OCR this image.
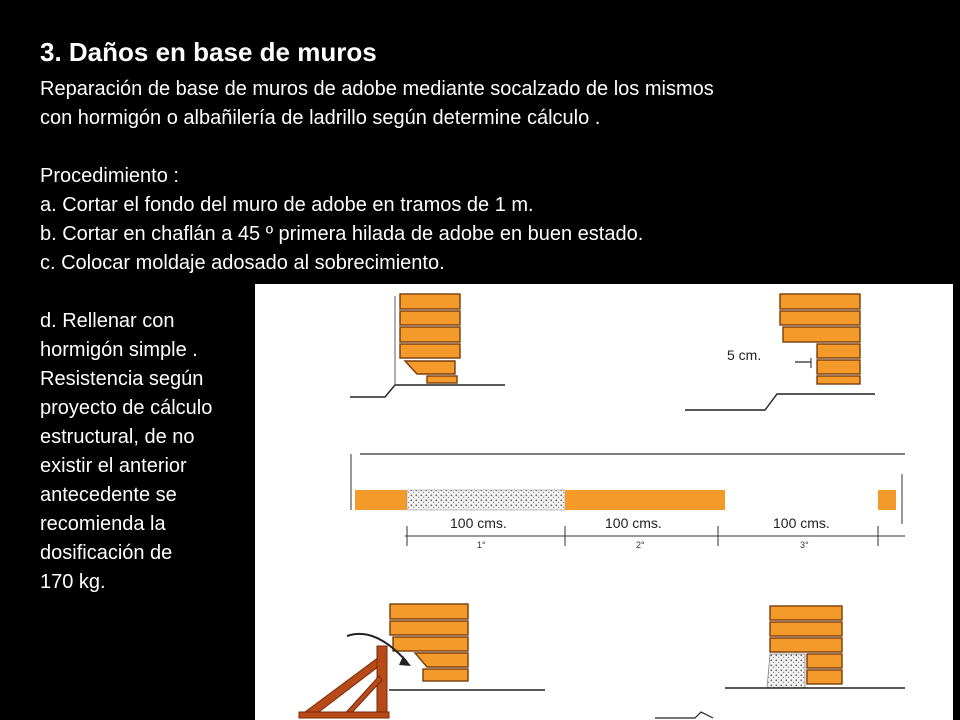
3. Daños en base de muros

Reparación de base de muros de adobe mediante socalzado de los mismos

con hormigón o albañilería de ladrillo según determine cálculo .

Procedimiento :

a. Cortar el fondo del muro de adobe en tramos de 1 m.

b. Cortar en chaflán a 45 º primera hilada de adobe en buen estado.

c. Colocar moldaje adosado al sobrecimiento.

d. Rellenar con
hormigón simple .
Resistencia según
proyecto de cálculo
estructural, de no
existir el anterior
antecedente se
recomienda la
dosificación de
170 kg.
5 cm.
100 cms.	100 cms.	100 cms.
1°	2°	3°
